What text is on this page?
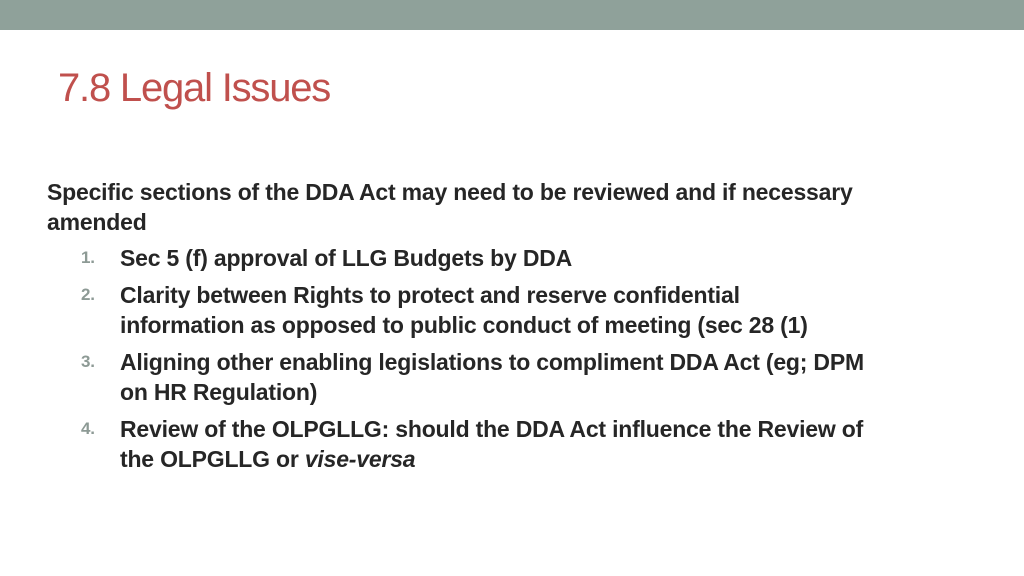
7.8 Legal Issues

Specific sections of the DDA Act may need to be reviewed and if necessary amended

1. Sec 5 (f) approval of LLG Budgets by DDA
2. Clarity between Rights to protect and reserve confidential information as opposed to public conduct of meeting (sec 28 (1)
3. Aligning other enabling legislations to compliment DDA Act (eg; DPM on HR Regulation)
4. Review of the OLPGLLG: should the DDA Act influence the Review of the OLPGLLG or vise-versa
